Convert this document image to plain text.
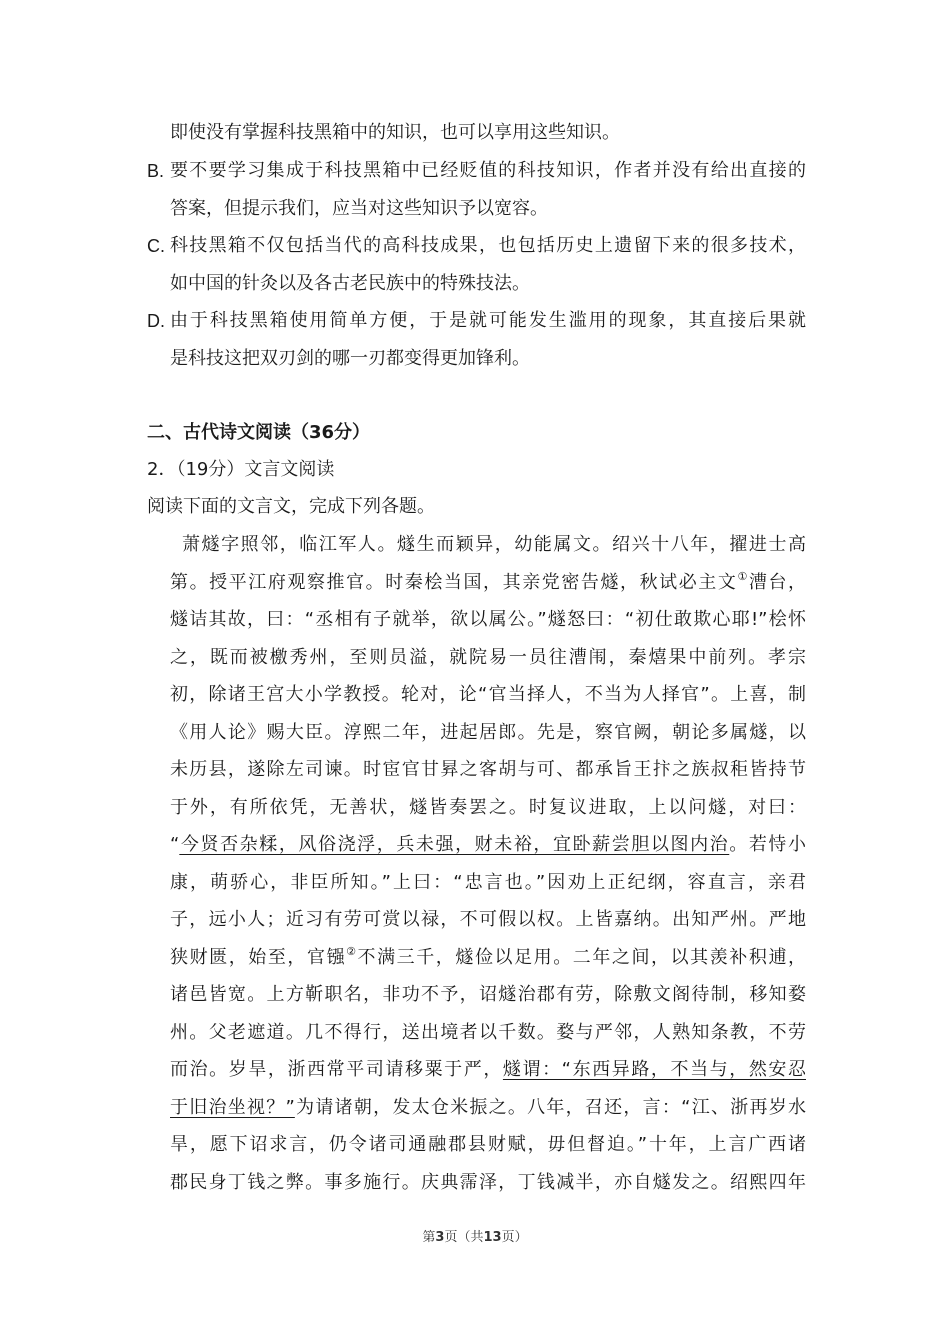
即使没有掌握科技黑箱中的知识，也可以享用这些知识。
B. 要不要学习集成于科技黑箱中已经贬值的科技知识，作者并没有给出直接的
答案，但提示我们，应当对这些知识予以宽容。
C. 科技黑箱不仅包括当代的高科技成果，也包括历史上遗留下来的很多技术，
如中国的针灸以及各古老民族中的特殊技法。
D. 由于科技黑箱使用简单方便，于是就可能发生滥用的现象，其直接后果就
是科技这把双刃剑的哪一刃都变得更加锋利。
二、古代诗文阅读（36分）
2．（19分）文言文阅读
阅读下面的文言文，完成下列各题。
萧燧字照邻，临江军人。燧生而颖异，幼能属文。绍兴十八年，擢进士高
第。授平江府观察推官。时秦桧当国，其亲党密告燧，秋试必主文①漕台，
燧诘其故，曰：“丞相有子就举，欲以属公。”燧怒曰：“初仕敢欺心耶!”桧怀
之，既而被檄秀州，至则员溢，就院易一员往漕闱，秦熺果中前列。孝宗
初，除诸王宫大小学教授。轮对，论“官当择人，不当为人择官”。上喜，制
《用人论》赐大臣。淳熙二年，进起居郎。先是，察官阙，朝论多属燧，以
未历县，遂除左司谏。时宦官甘昪之客胡与可、都承旨王抃之族叔秬皆持节
于外，有所依凭，无善状，燧皆奏罢之。时复议进取，上以问燧，对曰：
“今贤否杂糅，风俗浇浮，兵未强，财未裕，宜卧薪尝胆以图内治。若恃小
康，萌骄心，非臣所知。”上曰：“忠言也。”因劝上正纪纲，容直言，亲君
子，远小人；近习有劳可赏以禄，不可假以权。上皆嘉纳。出知严州。严地
狭财匮，始至，官镪②不满三千，燧俭以足用。二年之间，以其羡补积逋，
诸邑皆宽。上方靳职名，非功不予，诏燧治郡有劳，除敷文阁待制，移知婺
州。父老遮道。几不得行，送出境者以千数。婺与严邻，人熟知条教，不劳
而治。岁旱，浙西常平司请移粟于严，燧谓：“东西异路，不当与，然安忍
于旧治坐视？”为请诸朝，发太仓米振之。八年，召还，言：“江、浙再岁水
旱，愿下诏求言，仍令诸司通融郡县财赋，毋但督迫。”十年，上言广西诸
郡民身丁钱之弊。事多施行。庆典霈泽，丁钱减半，亦自燧发之。绍熙四年
第3页（共13页）
